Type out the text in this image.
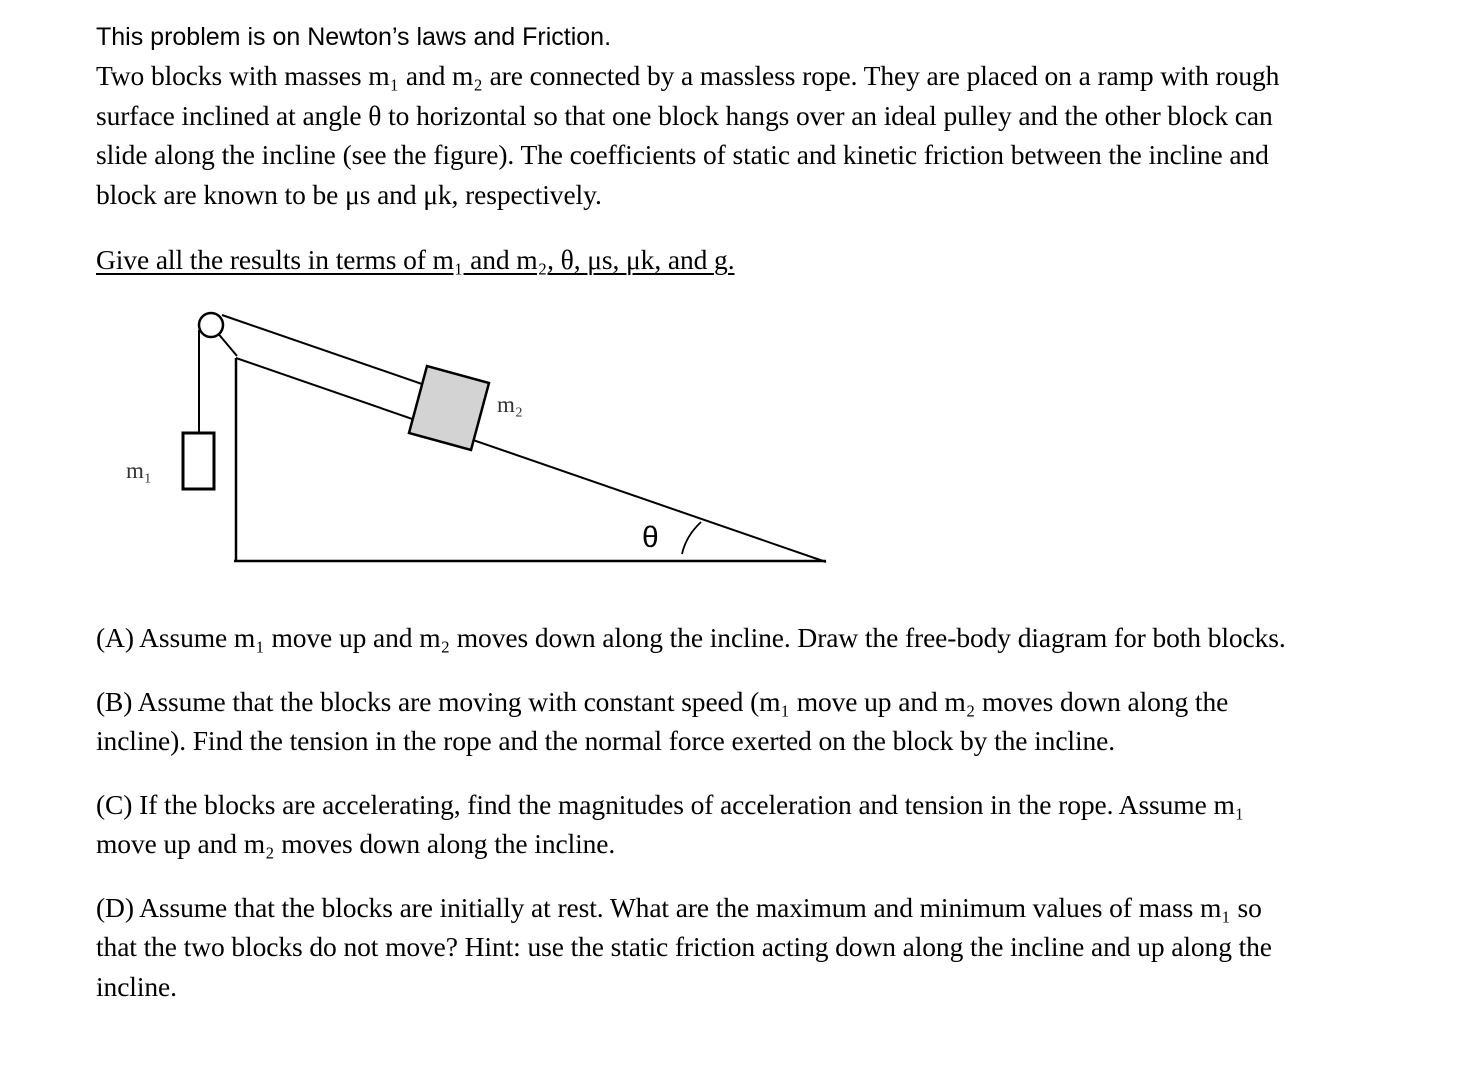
This problem is on Newton’s laws and Friction.

Two blocks with masses m₁ and m₂ are connected by a massless rope. They are placed on a ramp with rough
surface inclined at angle θ to horizontal so that one block hangs over an ideal pulley and the other block can
slide along the incline (see the figure). The coefficients of static and kinetic friction between the incline and
block are known to be μs and μk, respectively.

Give all the results in terms of m₁ and m₂, θ, μs, μk, and g.

m₂
m₁
θ

(A) Assume m₁ move up and m₂ moves down along the incline. Draw the free-body diagram for both blocks.

(B) Assume that the blocks are moving with constant speed (m₁ move up and m₂ moves down along the
incline). Find the tension in the rope and the normal force exerted on the block by the incline.

(C) If the blocks are accelerating, find the magnitudes of acceleration and tension in the rope. Assume m₁
move up and m₂ moves down along the incline.

(D) Assume that the blocks are initially at rest. What are the maximum and minimum values of mass m₁ so
that the two blocks do not move? Hint: use the static friction acting down along the incline and up along the
incline.
